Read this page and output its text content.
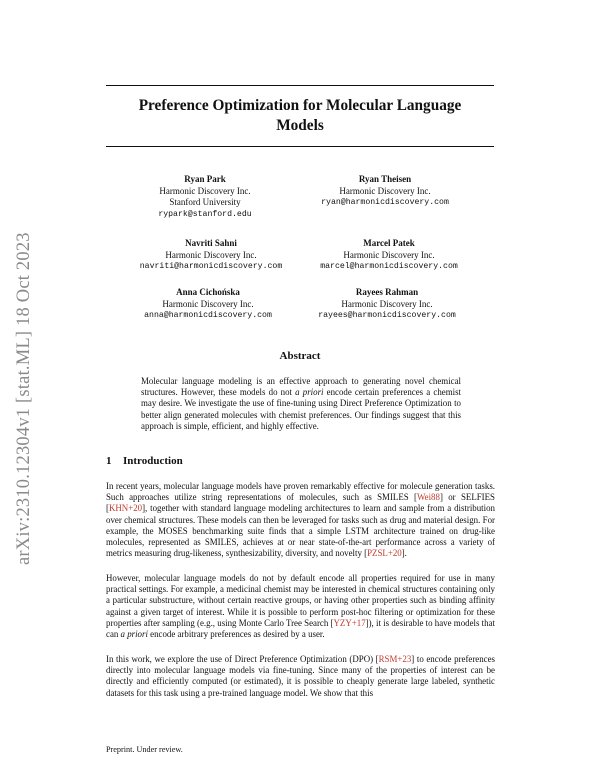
arXiv:2310.12304v1 [stat.ML] 18 Oct 2023
Preference Optimization for Molecular Language
Models
Ryan Park
Harmonic Discovery Inc.
Stanford University
rypark@stanford.edu
Ryan Theisen
Harmonic Discovery Inc.
ryan@harmonicdiscovery.com
Navriti Sahni
Harmonic Discovery Inc.
navriti@harmonicdiscovery.com
Marcel Patek
Harmonic Discovery Inc.
marcel@harmonicdiscovery.com
Anna Cichońska
Harmonic Discovery Inc.
anna@harmonicdiscovery.com
Rayees Rahman
Harmonic Discovery Inc.
rayees@harmonicdiscovery.com
Abstract
Molecular language modeling is an effective approach to generating novel chemical structures. However, these models do not a priori encode certain preferences a chemist may desire. We investigate the use of fine-tuning using Direct Preference Optimization to better align generated molecules with chemist preferences. Our findings suggest that this approach is simple, efficient, and highly effective.
1 Introduction
In recent years, molecular language models have proven remarkably effective for molecule generation tasks. Such approaches utilize string representations of molecules, such as SMILES [Wei88] or SELFIES [KHN+20], together with standard language modeling architectures to learn and sample from a distribution over chemical structures. These models can then be leveraged for tasks such as drug and material design. For example, the MOSES benchmarking suite finds that a simple LSTM architecture trained on drug-like molecules, represented as SMILES, achieves at or near state-of-the-art performance across a variety of metrics measuring drug-likeness, synthesizability, diversity, and novelty [PZSL+20].
However, molecular language models do not by default encode all properties required for use in many practical settings. For example, a medicinal chemist may be interested in chemical structures containing only a particular substructure, without certain reactive groups, or having other properties such as binding affinity against a given target of interest. While it is possible to perform post-hoc filtering or optimization for these properties after sampling (e.g., using Monte Carlo Tree Search [YZY+17]), it is desirable to have models that can a priori encode arbitrary preferences as desired by a user.
In this work, we explore the use of Direct Preference Optimization (DPO) [RSM+23] to encode preferences directly into molecular language models via fine-tuning. Since many of the properties of interest can be directly and efficiently computed (or estimated), it is possible to cheaply generate large labeled, synthetic datasets for this task using a pre-trained language model. We show that this
Preprint. Under review.
